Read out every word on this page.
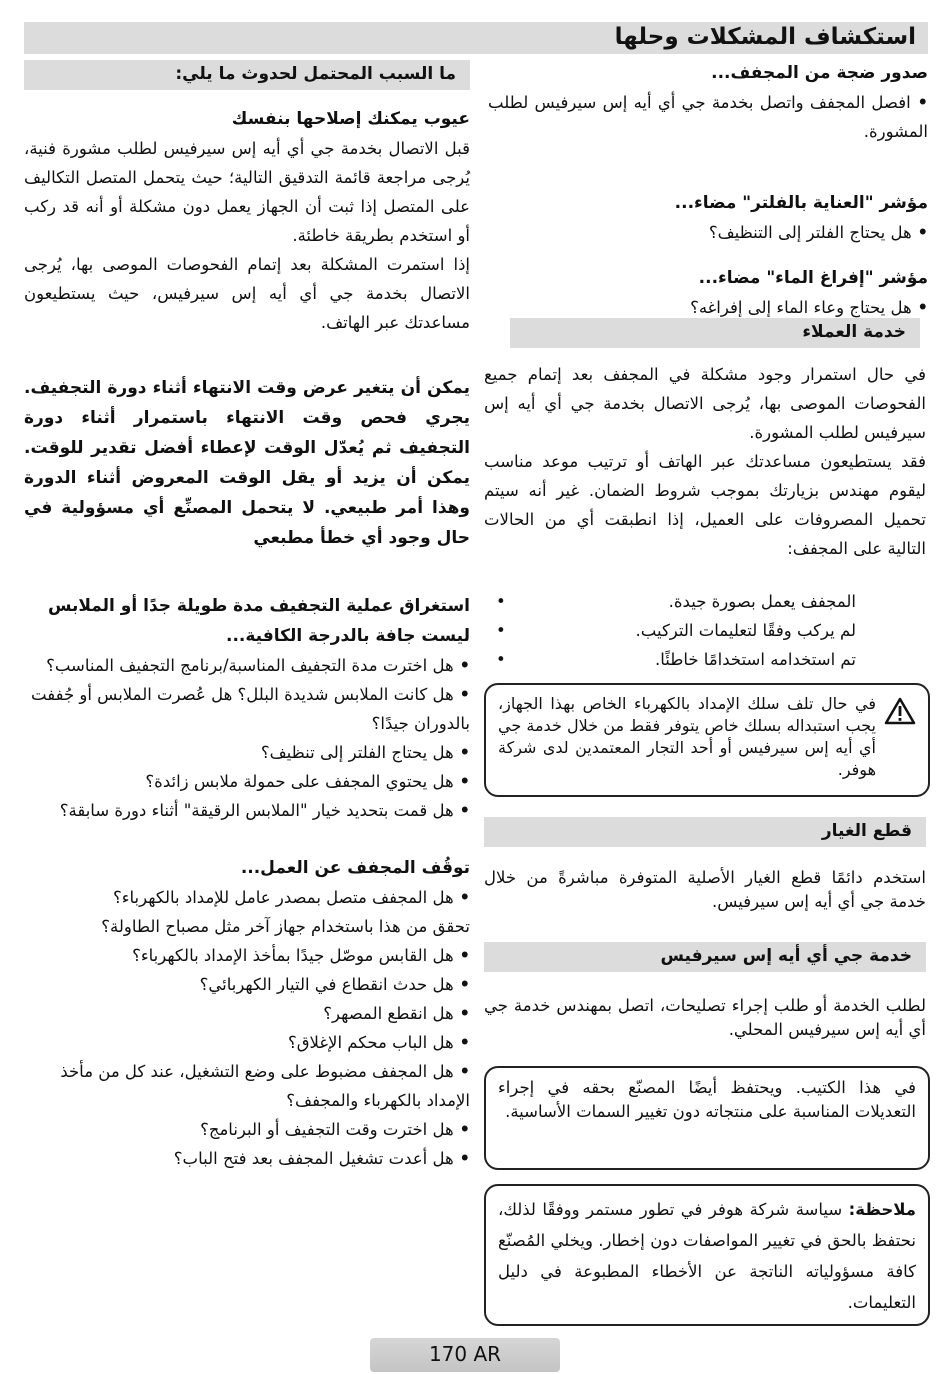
استكشاف المشكلات وحلها

صدور ضجة من المجفف...

• افصل المجفف واتصل بخدمة جي أي أيه إس سيرفيس لطلب المشورة.

مؤشر "العناية بالفلتر" مضاء...

• هل يحتاج الفلتر إلى التنظيف؟

مؤشر "إفراغ الماء" مضاء...

• هل يحتاج وعاء الماء إلى إفراغه؟

خدمة العملاء

في حال استمرار وجود مشكلة في المجفف بعد إتمام جميع الفحوصات الموصى بها، يُرجى الاتصال بخدمة جي أي أيه إس سيرفيس لطلب المشورة.

فقد يستطيعون مساعدتك عبر الهاتف أو ترتيب موعد مناسب ليقوم مهندس بزيارتك بموجب شروط الضمان. غير أنه سيتم تحميل المصروفات على العميل، إذا انطبقت أي من الحالات التالية على المجفف:

المجفف يعمل بصورة جيدة.
•
لم يركب وفقًا لتعليمات التركيب.
•
تم استخدامه استخدامًا خاطئًا.
•

في حال تلف سلك الإمداد بالكهرباء الخاص بهذا الجهاز، يجب استبداله بسلك خاص يتوفر فقط من خلال خدمة جي أي أيه إس سيرفيس أو أحد التجار المعتمدين لدى شركة هوفر.

قطع الغيار

استخدم دائمًا قطع الغيار الأصلية المتوفرة مباشرةً من خلال خدمة جي أي أيه إس سيرفيس.

خدمة جي أي أيه إس سيرفيس

لطلب الخدمة أو طلب إجراء تصليحات، اتصل بمهندس خدمة جي أي أيه إس سيرفيس المحلي.

في هذا الكتيب. ويحتفظ أيضًا المصنّع بحقه في إجراء التعديلات المناسبة على منتجاته دون تغيير السمات الأساسية.

ملاحظة: سياسة شركة هوفر في تطور مستمر ووفقًا لذلك، نحتفظ بالحق في تغيير المواصفات دون إخطار. ويخلي المُصنّع كافة مسؤولياته الناتجة عن الأخطاء المطبوعة في دليل التعليمات.

ما السبب المحتمل لحدوث ما يلي:

عيوب يمكنك إصلاحها بنفسك

قبل الاتصال بخدمة جي أي أيه إس سيرفيس لطلب مشورة فنية، يُرجى مراجعة قائمة التدقيق التالية؛ حيث يتحمل المتصل التكاليف على المتصل إذا ثبت أن الجهاز يعمل دون مشكلة أو أنه قد ركب أو استخدم بطريقة خاطئة.

إذا استمرت المشكلة بعد إتمام الفحوصات الموصى بها، يُرجى الاتصال بخدمة جي أي أيه إس سيرفيس، حيث يستطيعون مساعدتك عبر الهاتف.

يمكن أن يتغير عرض وقت الانتهاء أثناء دورة التجفيف. يجري فحص وقت الانتهاء باستمرار أثناء دورة التجفيف ثم يُعدّل الوقت لإعطاء أفضل تقدير للوقت. يمكن أن يزيد أو يقل الوقت المعروض أثناء الدورة وهذا أمر طبيعي. لا يتحمل المصنِّع أي مسؤولية في حال وجود أي خطأ مطبعي

استغراق عملية التجفيف مدة طويلة جدًا أو الملابس ليست جافة بالدرجة الكافية...

• هل اخترت مدة التجفيف المناسبة/برنامج التجفيف المناسب؟
• هل كانت الملابس شديدة البلل؟ هل عُصرت الملابس أو جُففت بالدوران جيدًا؟
• هل يحتاج الفلتر إلى تنظيف؟
• هل يحتوي المجفف على حمولة ملابس زائدة؟
• هل قمت بتحديد خيار "الملابس الرقيقة" أثناء دورة سابقة؟

توقُف المجفف عن العمل...

• هل المجفف متصل بمصدر عامل للإمداد بالكهرباء؟
تحقق من هذا باستخدام جهاز آخر مثل مصباح الطاولة؟
• هل القابس موصّل جيدًا بمأخذ الإمداد بالكهرباء؟
• هل حدث انقطاع في التيار الكهربائي؟
• هل انقطع المصهر؟
• هل الباب محكم الإغلاق؟
• هل المجفف مضبوط على وضع التشغيل، عند كل من مأخذ الإمداد بالكهرباء والمجفف؟
• هل اخترت وقت التجفيف أو البرنامج؟
• هل أعدت تشغيل المجفف بعد فتح الباب؟
170 AR
